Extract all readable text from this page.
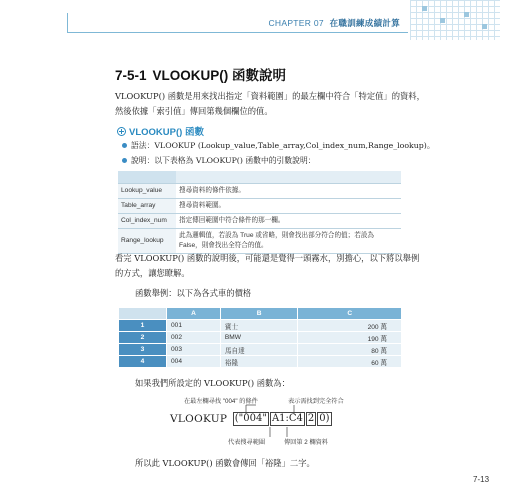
CHAPTER 07 在職訓練成績計算
7-5-1 VLOOKUP() 函數說明
VLOOKUP() 函數是用來找出指定「資料範圍」的最左欄中符合「特定值」的資料，然後依據「索引值」傳回第幾個欄位的值。
VLOOKUP() 函數
語法：VLOOKUP (Lookup_value,Table_array,Col_index_num,Range_lookup)。
說明：以下表格為 VLOOKUP() 函數中的引數說明：

Lookup_value	搜尋資料的條件依據。
Table_array	搜尋資料範圍。
Col_index_num	指定傳回範圍中符合條件的那一欄。
Range_lookup	此為邏輯值，若設為 True 或省略，則會找出部分符合的值；若設為 False，則會找出全符合的值。
看完 VLOOKUP() 函數的說明後，可能還是覺得一頭霧水，別擔心，以下將以舉例的方式，讓您瞭解。
函數舉例：以下為各式車的價格
	A	B	C
1	001	賓士	200 萬
2	002	BMW	190 萬
3	003	馬自達	80 萬
4	004	裕隆	60 萬
如果我們所設定的 VLOOKUP() 函數為：
在最左欄尋找 "004" 的條件	表示需找到完全符合
VLOOKUP ("004" A1:C4 2 0)
代表搜尋範圍	傳回第 2 欄資料
所以此 VLOOKUP() 函數會傳回「裕隆」二字。
7-13
